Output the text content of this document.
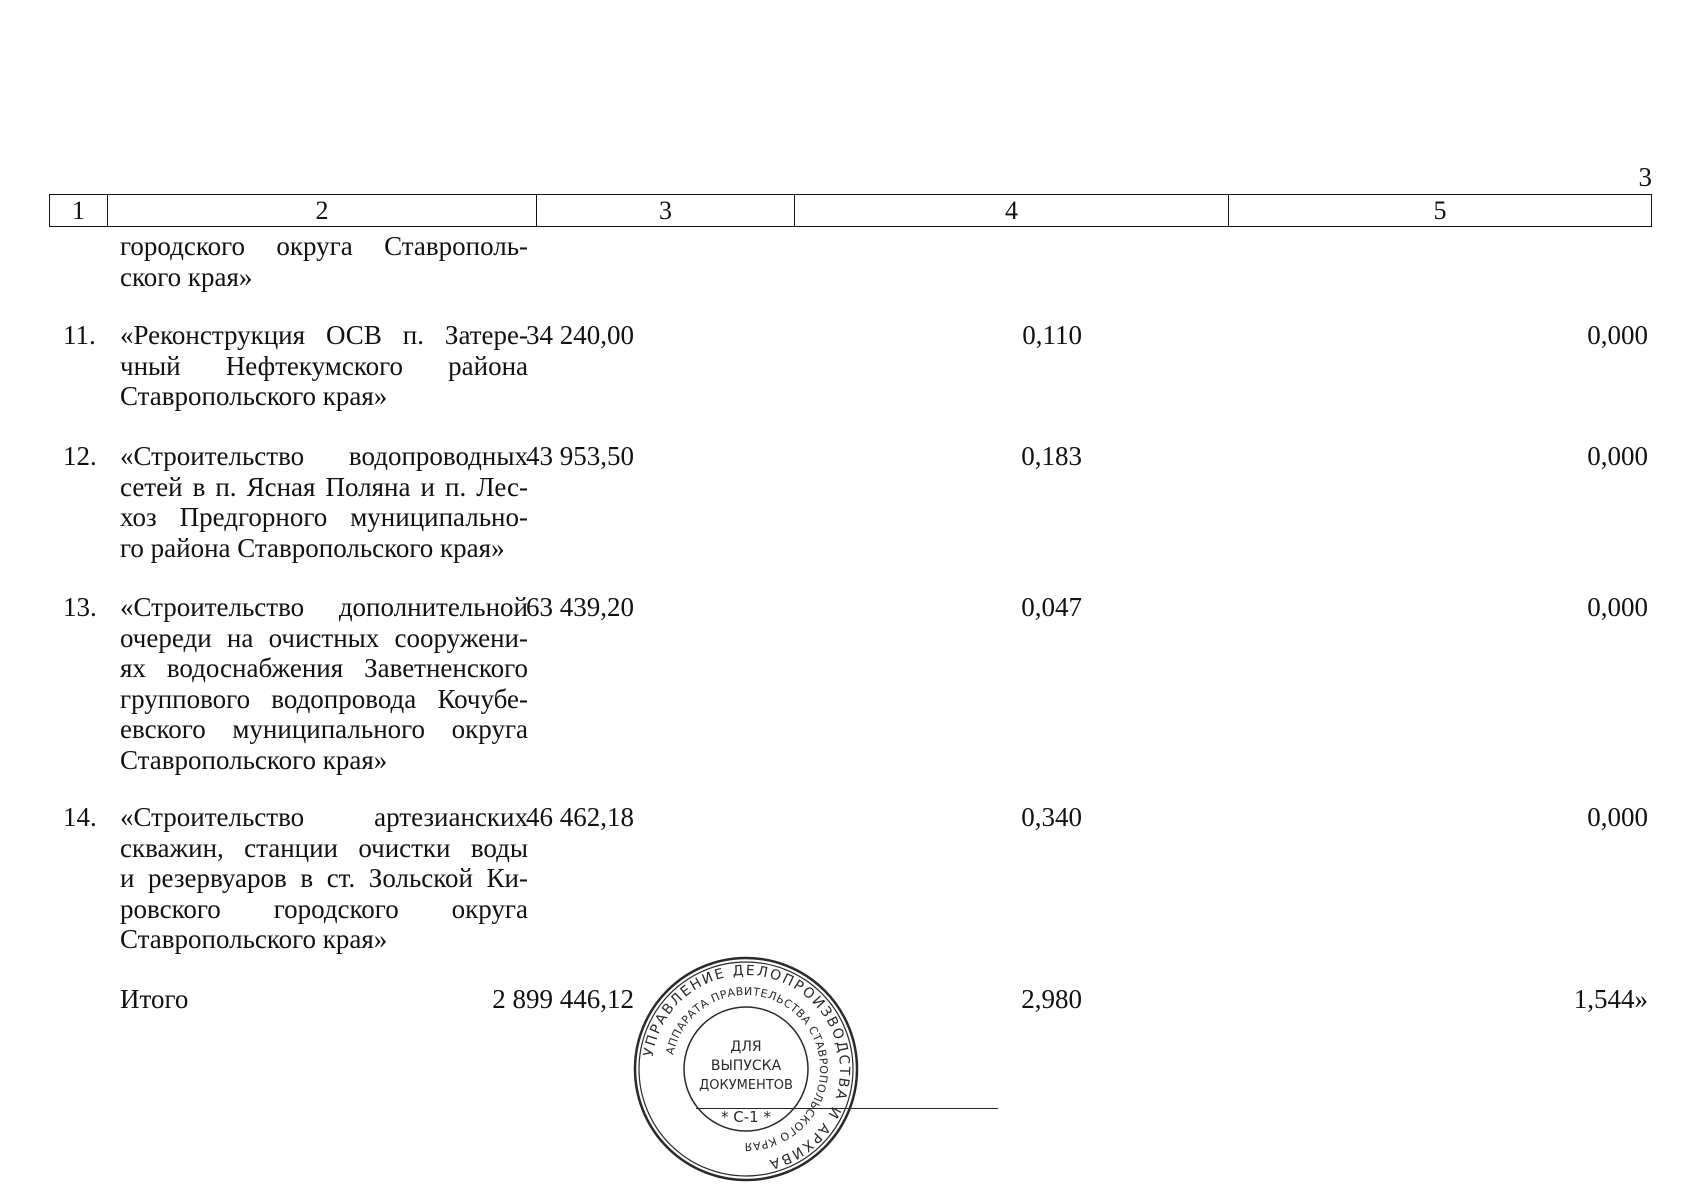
3
1	2	3	4	5
городского округа Ставрополь-
ского края»
11. «Реконструкция ОСВ п. Затере-
чный Нефтекумского района
Ставропольского края»
34 240,00	0,110	0,000
12. «Строительство водопроводных
сетей в п. Ясная Поляна и п. Лес-
хоз Предгорного муниципально-
го района Ставропольского края»
43 953,50	0,183	0,000
13. «Строительство дополнительной
очереди на очистных сооружени-
ях водоснабжения Заветненского
группового водопровода Кочубе-
евского муниципального округа
Ставропольского края»
63 439,20	0,047	0,000
14. «Строительство артезианских
скважин, станции очистки воды
и резервуаров в ст. Зольской Ки-
ровского городского округа
Ставропольского края»
46 462,18	0,340	0,000
Итого	2 899 446,12	2,980	1,544»
УПРАВЛЕНИЕ ДЕЛОПРОИЗВОДСТВА И АРХИВА
АППАРАТА ПРАВИТЕЛЬСТВА СТАВРОПОЛЬСКОГО КРАЯ
ДЛЯ
ВЫПУСКА
ДОКУМЕНТОВ
* С-1 *
